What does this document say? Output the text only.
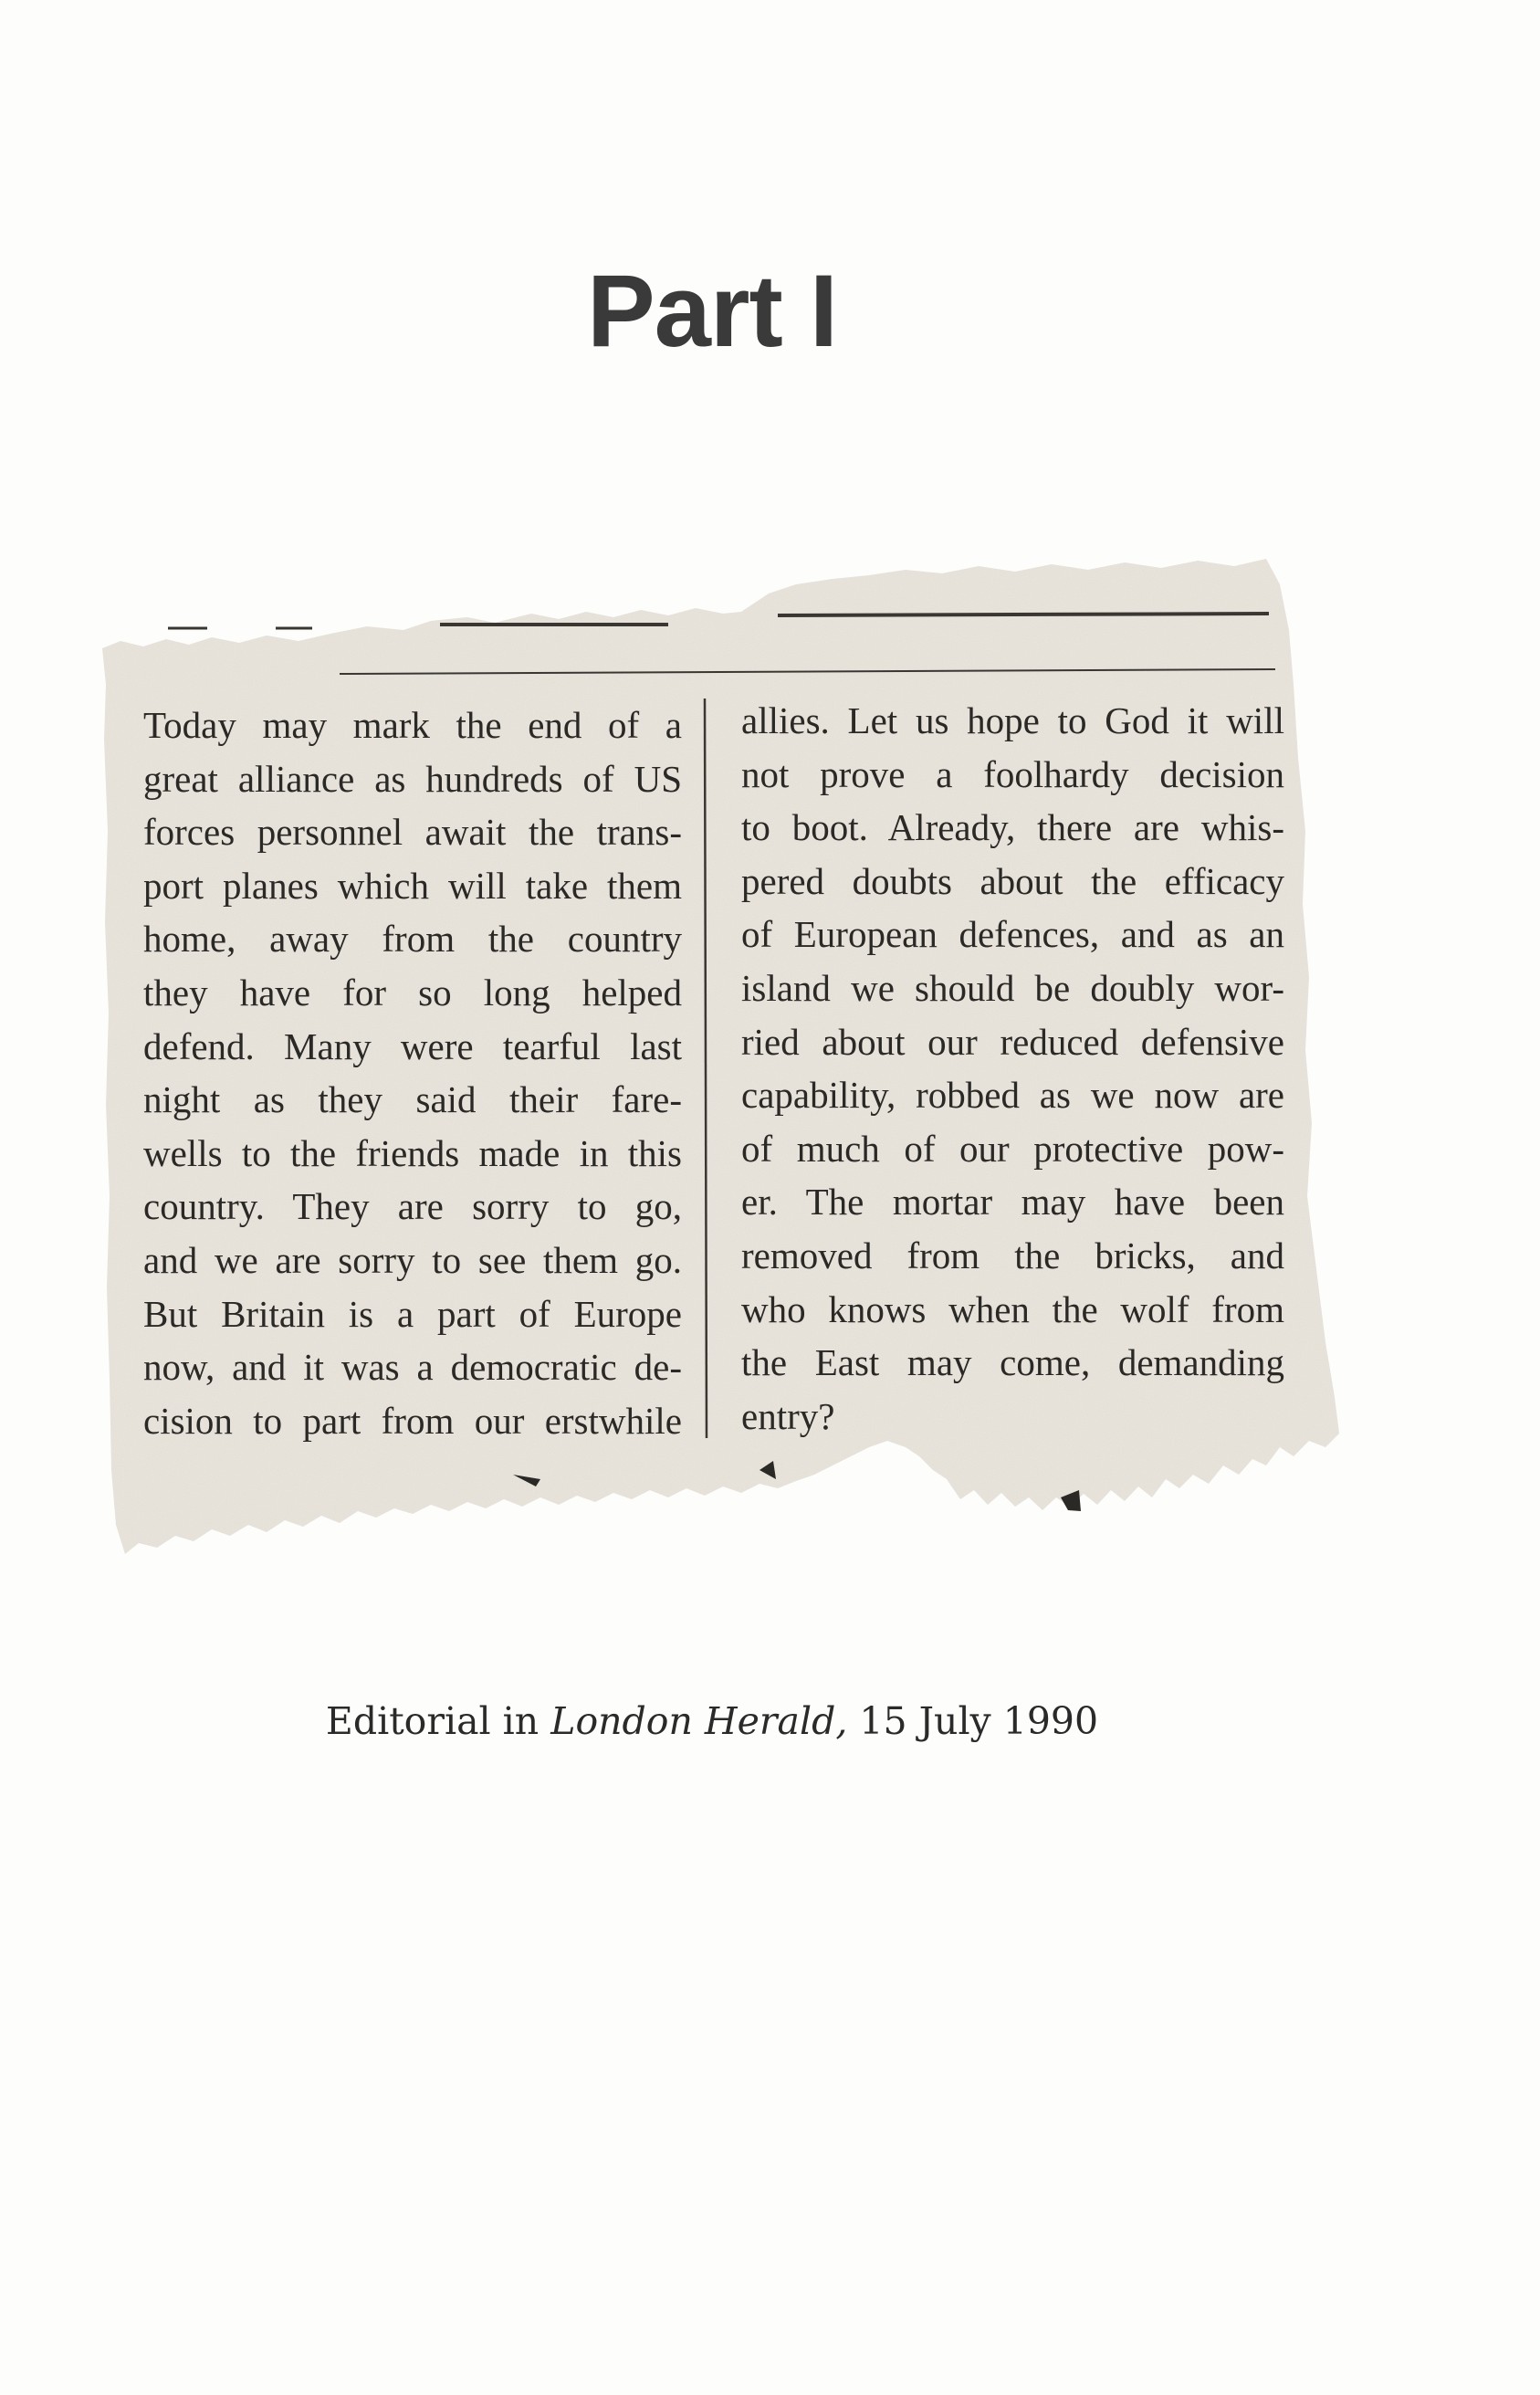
Part I
Today may mark the end of a
great alliance as hundreds of US
forces personnel await the trans-
port planes which will take them
home, away from the country
they have for so long helped
defend. Many were tearful last
night as they said their fare-
wells to the friends made in this
country. They are sorry to go,
and we are sorry to see them go.
But Britain is a part of Europe
now, and it was a democratic de-
cision to part from our erstwhile
allies. Let us hope to God it will
not prove a foolhardy decision
to boot. Already, there are whis-
pered doubts about the efficacy
of European defences, and as an
island we should be doubly wor-
ried about our reduced defensive
capability, robbed as we now are
of much of our protective pow-
er. The mortar may have been
removed from the bricks, and
who knows when the wolf from
the East may come, demanding
entry?
Editorial in London Herald, 15 July 1990
